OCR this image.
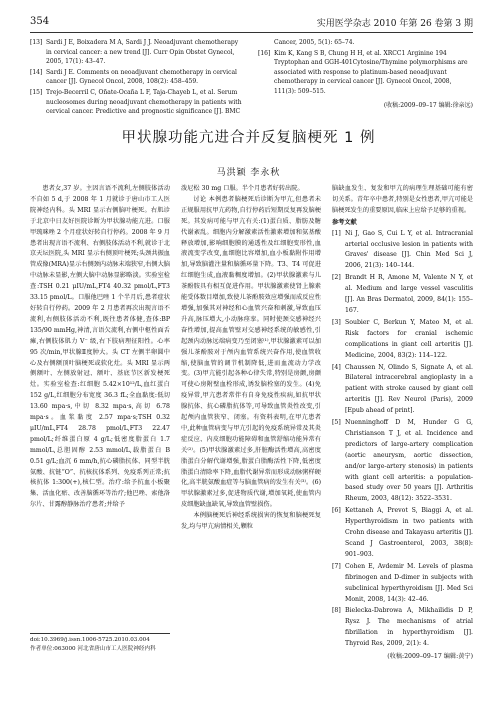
354	实用医学杂志 2010 年第 26 卷第 3 期
[13] Sardi J E, Boixadera M A, Sardi J J. Neoadjuvant chemotherapy in cervical cancer: a new trend [J]. Curr Opin Obstet Gynecol, 2005, 17(1): 43–47.
[14] Sardi J E. Comments on neoadjuvant chemotherapy in cervical cancer [J]. Gynecol Oncol, 2008, 108(2): 458–459.
[15] Trejo-Becerril C, Oñate-Ocaña L F, Taja-Chayeb L, et al. Serum nucleosomes during neoadjuvant chemotherapy in patients with cervical cancer. Predictive and prognostic significance [J]. BMC
Cancer, 2005, 5(1): 65–74.
[16] Kim K, Kang S B, Chung H H, et al. XRCC1 Arginine 194 Tryptophan and GGH-401Cytosine/Thymine polymorphisms are associated with response to platinum-based neoadjuvant chemotherapy in cervical cancer [J]. Gynecol Oncol, 2008, 111(3): 509–515.
(收稿:2009–09–17 编辑:徐亲远)
甲状腺功能亢进合并反复脑梗死 1 例
马洪颖 李永秋

患者女,37 岁。主因言语不流利,左侧肢体活动不自如 5 d,于 2008 年 1 月就诊于唐山市工人医院神经内科。头 MRI 显示右侧脑叶梗死。右肌诊于北京中日友好医院诊断为甲状腺功能亢进。口服甲巯咪唑 2 个月症状好转自行停药。2008 年 9 月患者出现言语不流利、右侧肢体活动不利,就诊于北京天坛医院,头 MRI 显示右侧顶叶梗死;头颈共振血管成像(MRA)显示右侧颈内动脉末端狭窄,右侧大脑中动脉未显影,左侧大脑中动脉显影略淡。实验室检查:TSH 0.21 μIU/mL,FT4 40.32 pmol/L,FT3 33.15 pmol/L。口服他巴唑 1 个半月后,患者症状好转自行停药。2009 年 2 月患者再次出现言语不流利,右侧肢体活动不利,既往患者体健,查体:BP 135/90 mmHg,神清,言语欠流利,右侧中枢性面舌瘫,右侧肢体肌力 V⁻ 级,右下肢病理征阳性。心率 95 次/min,甲状腺Ⅱ度肿大。头 CT 左侧半卵圆中心及右侧额顶叶脑梗死或软化灶。头 MRI 显示两侧额叶、左侧放射冠、额叶、基底节区新发梗死灶。实验室检查:红细胞 5.42×10¹²/L,血红蛋白 152 g/L,红细胞分布宽度 36.3 fL;全血黏度:低切 13.60 mpa·s,中切 8.32 mpa·s,高切 6.78 mpa·s。血浆黏度 2.57 mpa·s;TSH 0.32 μIU/mL,FT4 28.78 pmol/L,FT3 22.47 pmol/L;纤维蛋白原 4 g/L;低密度脂蛋白 1.7 mmol/L,总胆固醇 2.53 mmol/L,载脂蛋白 B 0.51 g/L;血沉 6 mm/h,抗心磷脂抗体、同型半胱氨酸、抗链“O”、抗核抗体系列、免疫系列正常;抗核抗体 1:300(+),核仁型。治疗:给予抗血小板聚集、活血化瘀、改善脑循环等治疗;他巴唑、索他洛尔片、甘露醇静脉治疗患者;并给予

泼尼松 30 mg 口服。半个月患者好转出院。

讨论 本例患者脑梗死后诊断为甲亢,但患者未正规服用抗甲亢药物,自行停药后短期反复再发脑梗死。其发病可能与甲亢有关:(1)蛋白质、脂肪及糖代谢紊乱。细胞内分解激素活性激素增加和氨基酸释放增加,影响细胞膜的通透性及红细胞变形性,血液流变学改变,血细胞比容增加,血小板黏附作用增加,导致脑灌注量和脑循环量下降。T3、T4 可促进红细胞生成,血液黏稠度增加。(2)甲状腺激素与儿茶酚胺具有相互促进作用。甲状腺激素使肾上腺素能受体数目增加,致使儿茶酚胺效应增强而成反应性增强,加强其对神经和心血管兴奋和刺激,导致血压升高,脉压增大,小动脉痉挛。同时使颈交感神经兴奋性增加,提高血管壁对交感神经系统的敏感性,引起颈内动脉远端病变乃至闭塞⁽¹⁾,甲状腺激素可以加强儿茶酚胺对于颅内血管系统兴奋作用,使血管收缩,使脑血管的调节机制降低,进而血流动力学改变。(3)甲亢能引起各种心律失常,特别是房颤,房颤可使心房附壁血栓形成,诱发脑栓塞的发生。(4)免疫异常,甲亢患者常伴有自身免疫性疾病,如抗甲状腺抗体、抗心磷脂抗体等,可导致血管炎性改变,引起颅内血管狭窄、闭塞。有资料表明,在甲亢患者中,此种血管病变与甲亢引起的免疫系统异常及其炎症反应、内皮细胞功能障碍和血管舒缩功能异常有关⁽²⁾。(5)甲状腺激素过多,肝脏酶活性增高,高密度脂蛋白分解代谢增强,脂蛋白脂酶活性下降,低密度脂蛋白清除率下降,血脂代谢异常而形成动脉粥样硬化,高半胱氨酸血症等与脑血管病的发生有关⁽³⁾。(6)甲状腺激素过多,促进物质代谢,增加氧耗,使血管内皮细胞缺血缺氧,导致血管壁损伤。

本例脑梗死后神经系统损害的恢复和脑梗死复发,均与甲亢病情相关,颗粒

脑缺血发生、复发和甲亢的病理生理基础可能有密切关系。青年卒中患者,特别是女性患者,甲亢可能是脑梗死发生的重要原因,临床上应给予足够的重视。

参考文献

[1] Ni J, Gao S, Cui L Y, et al. Intracranial arterial occlusive lesion in patients with Graves' disease [J]. Chin Med Sci J, 2006, 21(3): 140–144.
[2] Brandt H R, Amone M, Valente N Y, et al. Medium and large vessel vasculitis [J]. An Bras Dermatol, 2009, 84(1): 155–167.
[3] Soubier C, Berkun Y, Mateo M, et al. Risk factors for cranial ischemic complications in giant cell arteritis [J]. Medicine, 2004, 83(2): 114–122.
[4] Chaussen N, Olindo S, Signate A, et al. Bilateral intracerebral angioplasty in a patient with stroke caused by giant cell arteritis [J]. Rev Neurol (Paris), 2009 [Epub ahead of print].
[5] Nuenninghoff D M, Hunder G G, Christianson T J, et al. Incidence and predictors of large-artery complication (aortic aneurysm, aortic dissection, and/or large-artery stenosis) in patients with giant cell arteritis: a population-based study over 50 years [J]. Arthritis Rheum, 2003, 48(12): 3522–3531.
[6] Kettaneh A, Prevot S, Biaggi A, et al. Hyperthyroidism in two patients with Crohn disease and Takayasu arteritis [J]. Scand J Gastroenterol, 2003, 38(8): 901–903.
[7] Cohen E, Avdemir M. Levels of plasma fibrinogen and D-dimer in subjects with subclinical hyperthyroidism [J]. Med Sci Monit, 2008, 14(3): 42–46.
[8] Bielecka-Dabrowa A, Mikhailidis D P, Rysz J. The mechanisms of atrial fibrillation in hyperthyroidism [J]. Thyroid Res, 2009, 2(1): 4.
(收稿:2009–09–17 编辑:黄宁)
doi:10.3969/j.issn.1006-5725.2010.03.004
作者单位:063000 河北省唐山市工人医院神经内科
